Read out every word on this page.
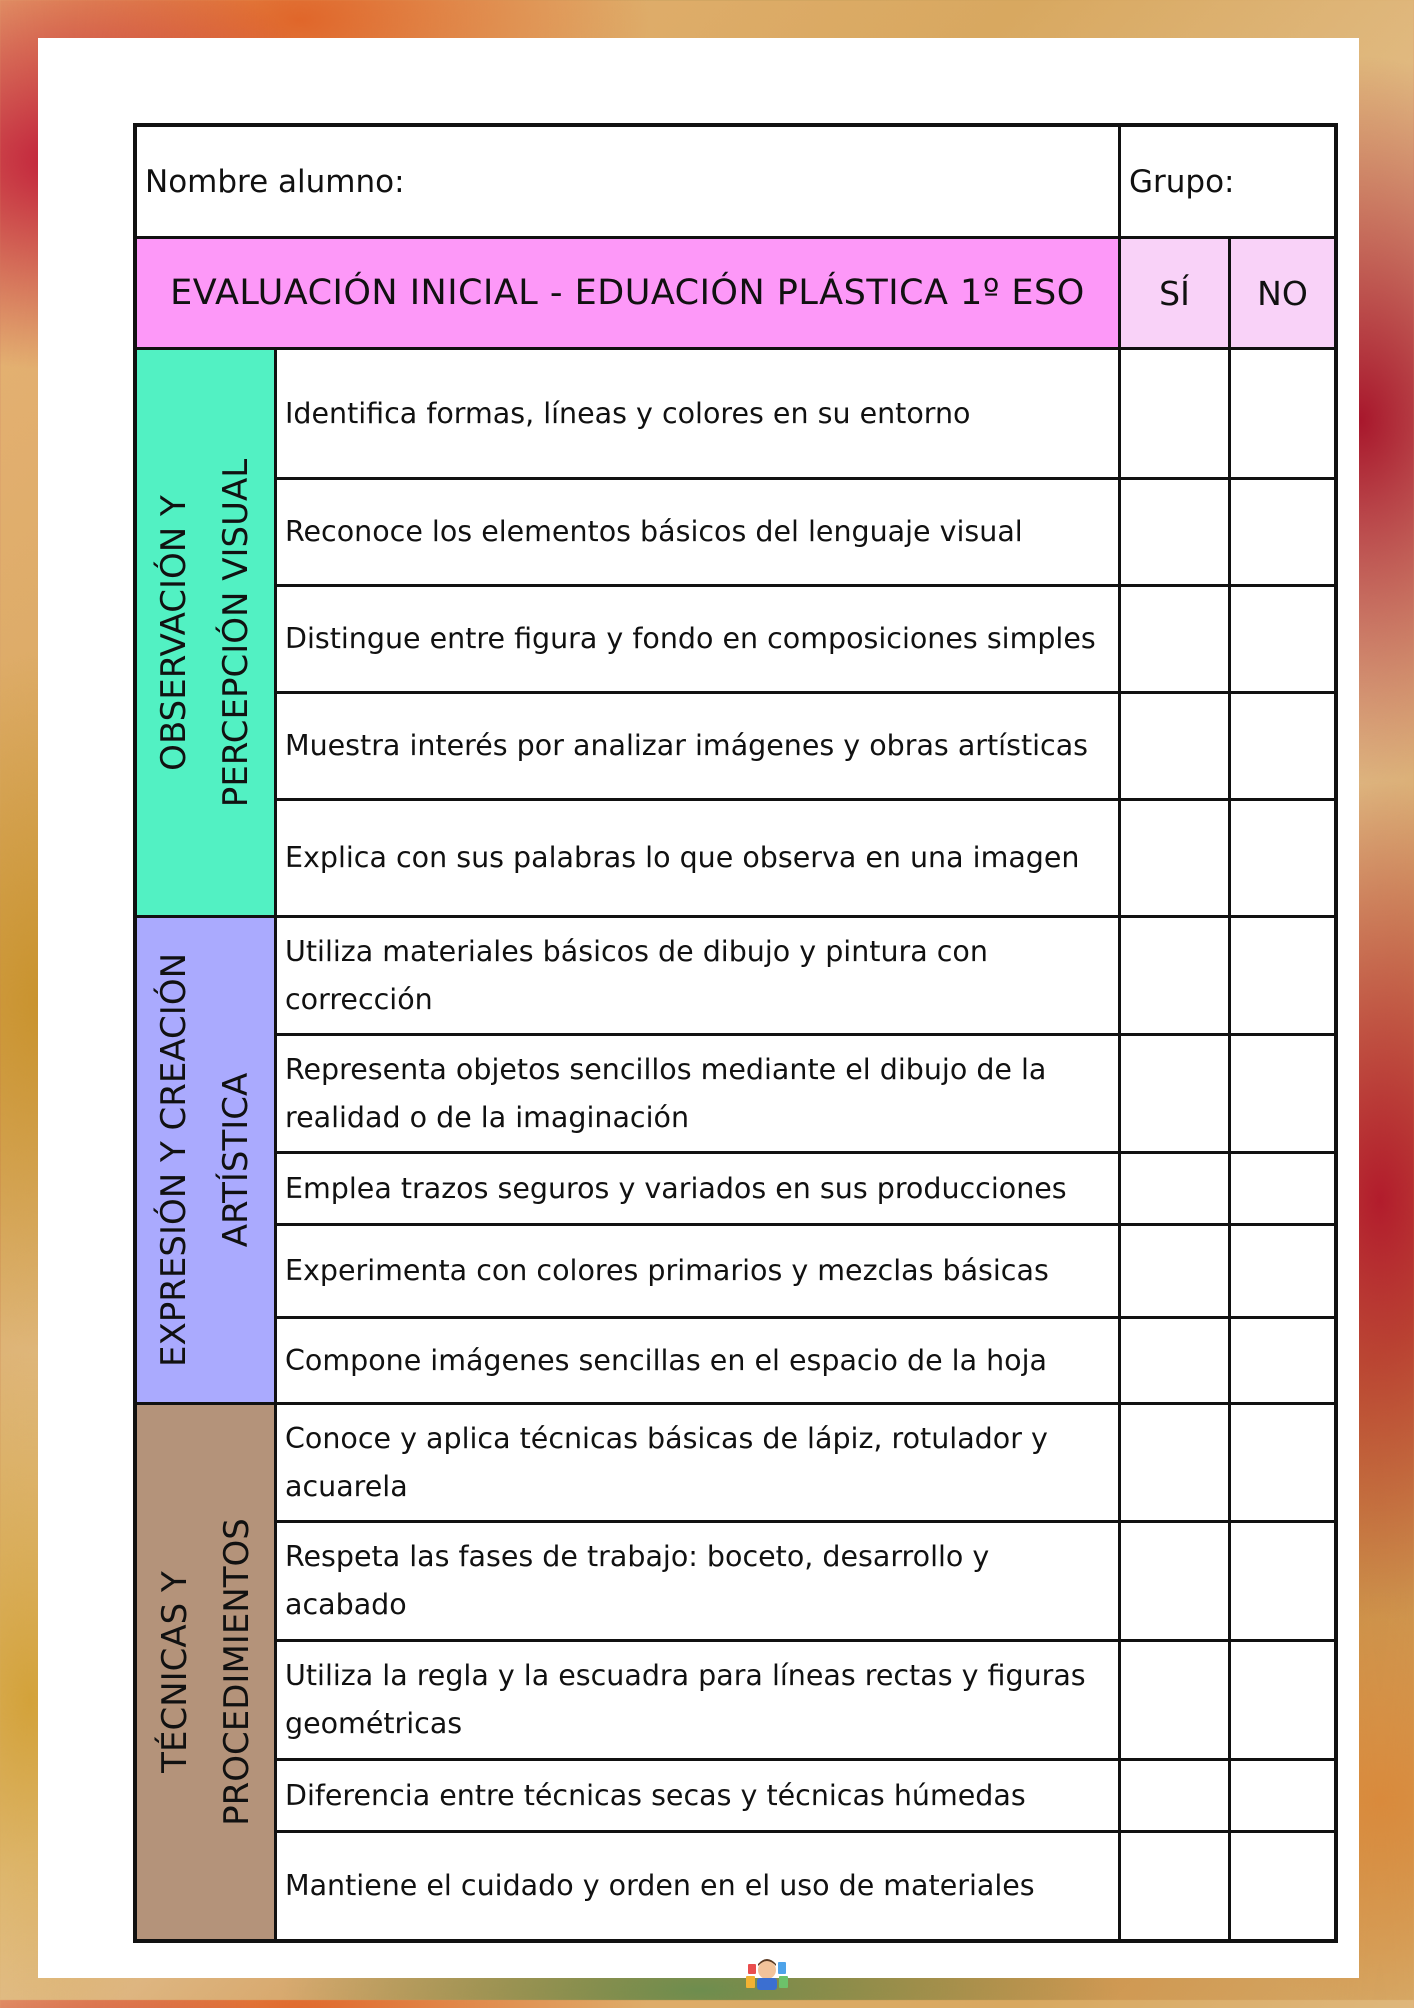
Nombre alumno:	Grupo:
EVALUACIÓN INICIAL - EDUACIÓN PLÁSTICA 1º ESO SÍ NO
OBSERVACIÓN Y PERCEPCIÓN VISUAL
Identifica formas, líneas y colores en su entorno
Reconoce los elementos básicos del lenguaje visual
Distingue entre figura y fondo en composiciones simples
Muestra interés por analizar imágenes y obras artísticas
Explica con sus palabras lo que observa en una imagen
EXPRESIÓN Y CREACIÓN ARTÍSTICA
Utiliza materiales básicos de dibujo y pintura con corrección
Representa objetos sencillos mediante el dibujo de la realidad o de la imaginación
Emplea trazos seguros y variados en sus producciones
Experimenta con colores primarios y mezclas básicas
Compone imágenes sencillas en el espacio de la hoja
TÉCNICAS Y PROCEDIMIENTOS
Conoce y aplica técnicas básicas de lápiz, rotulador y acuarela
Respeta las fases de trabajo: boceto, desarrollo y acabado
Utiliza la regla y la escuadra para líneas rectas y figuras geométricas
Diferencia entre técnicas secas y técnicas húmedas
Mantiene el cuidado y orden en el uso de materiales
